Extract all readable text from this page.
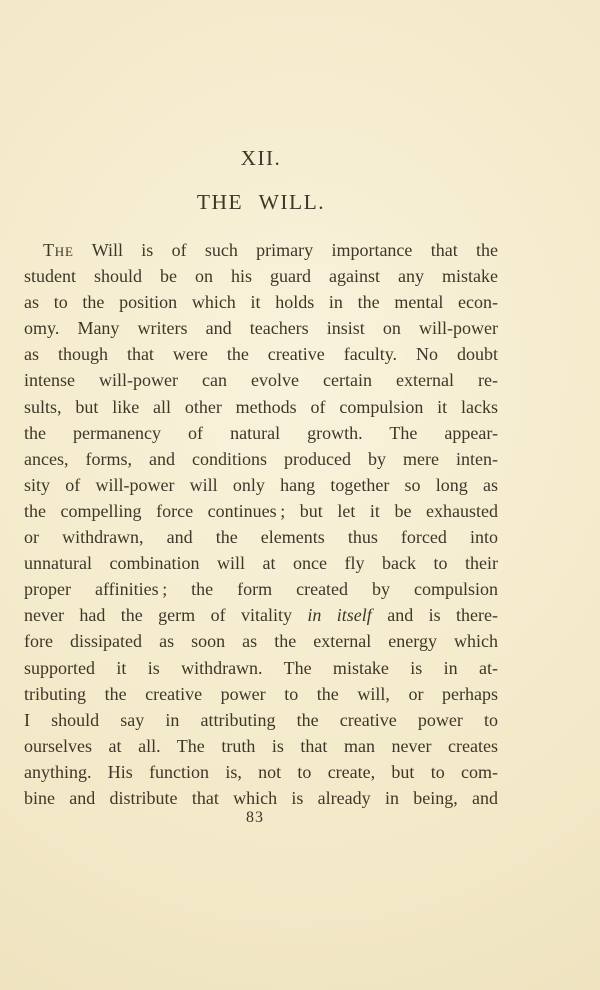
XII.
THE WILL.
The Will is of such primary importance that the
student should be on his guard against any mistake
as to the position which it holds in the mental econ-
omy. Many writers and teachers insist on will-power
as though that were the creative faculty. No doubt
intense will-power can evolve certain external re-
sults, but like all other methods of compulsion it lacks
the permanency of natural growth. The appear-
ances, forms, and conditions produced by mere inten-
sity of will-power will only hang together so long as
the compelling force continues ; but let it be exhausted
or withdrawn, and the elements thus forced into
unnatural combination will at once fly back to their
proper affinities ; the form created by compulsion
never had the germ of vitality in itself and is there-
fore dissipated as soon as the external energy which
supported it is withdrawn. The mistake is in at-
tributing the creative power to the will, or perhaps
I should say in attributing the creative power to
ourselves at all. The truth is that man never creates
anything. His function is, not to create, but to com-
bine and distribute that which is already in being, and
83
